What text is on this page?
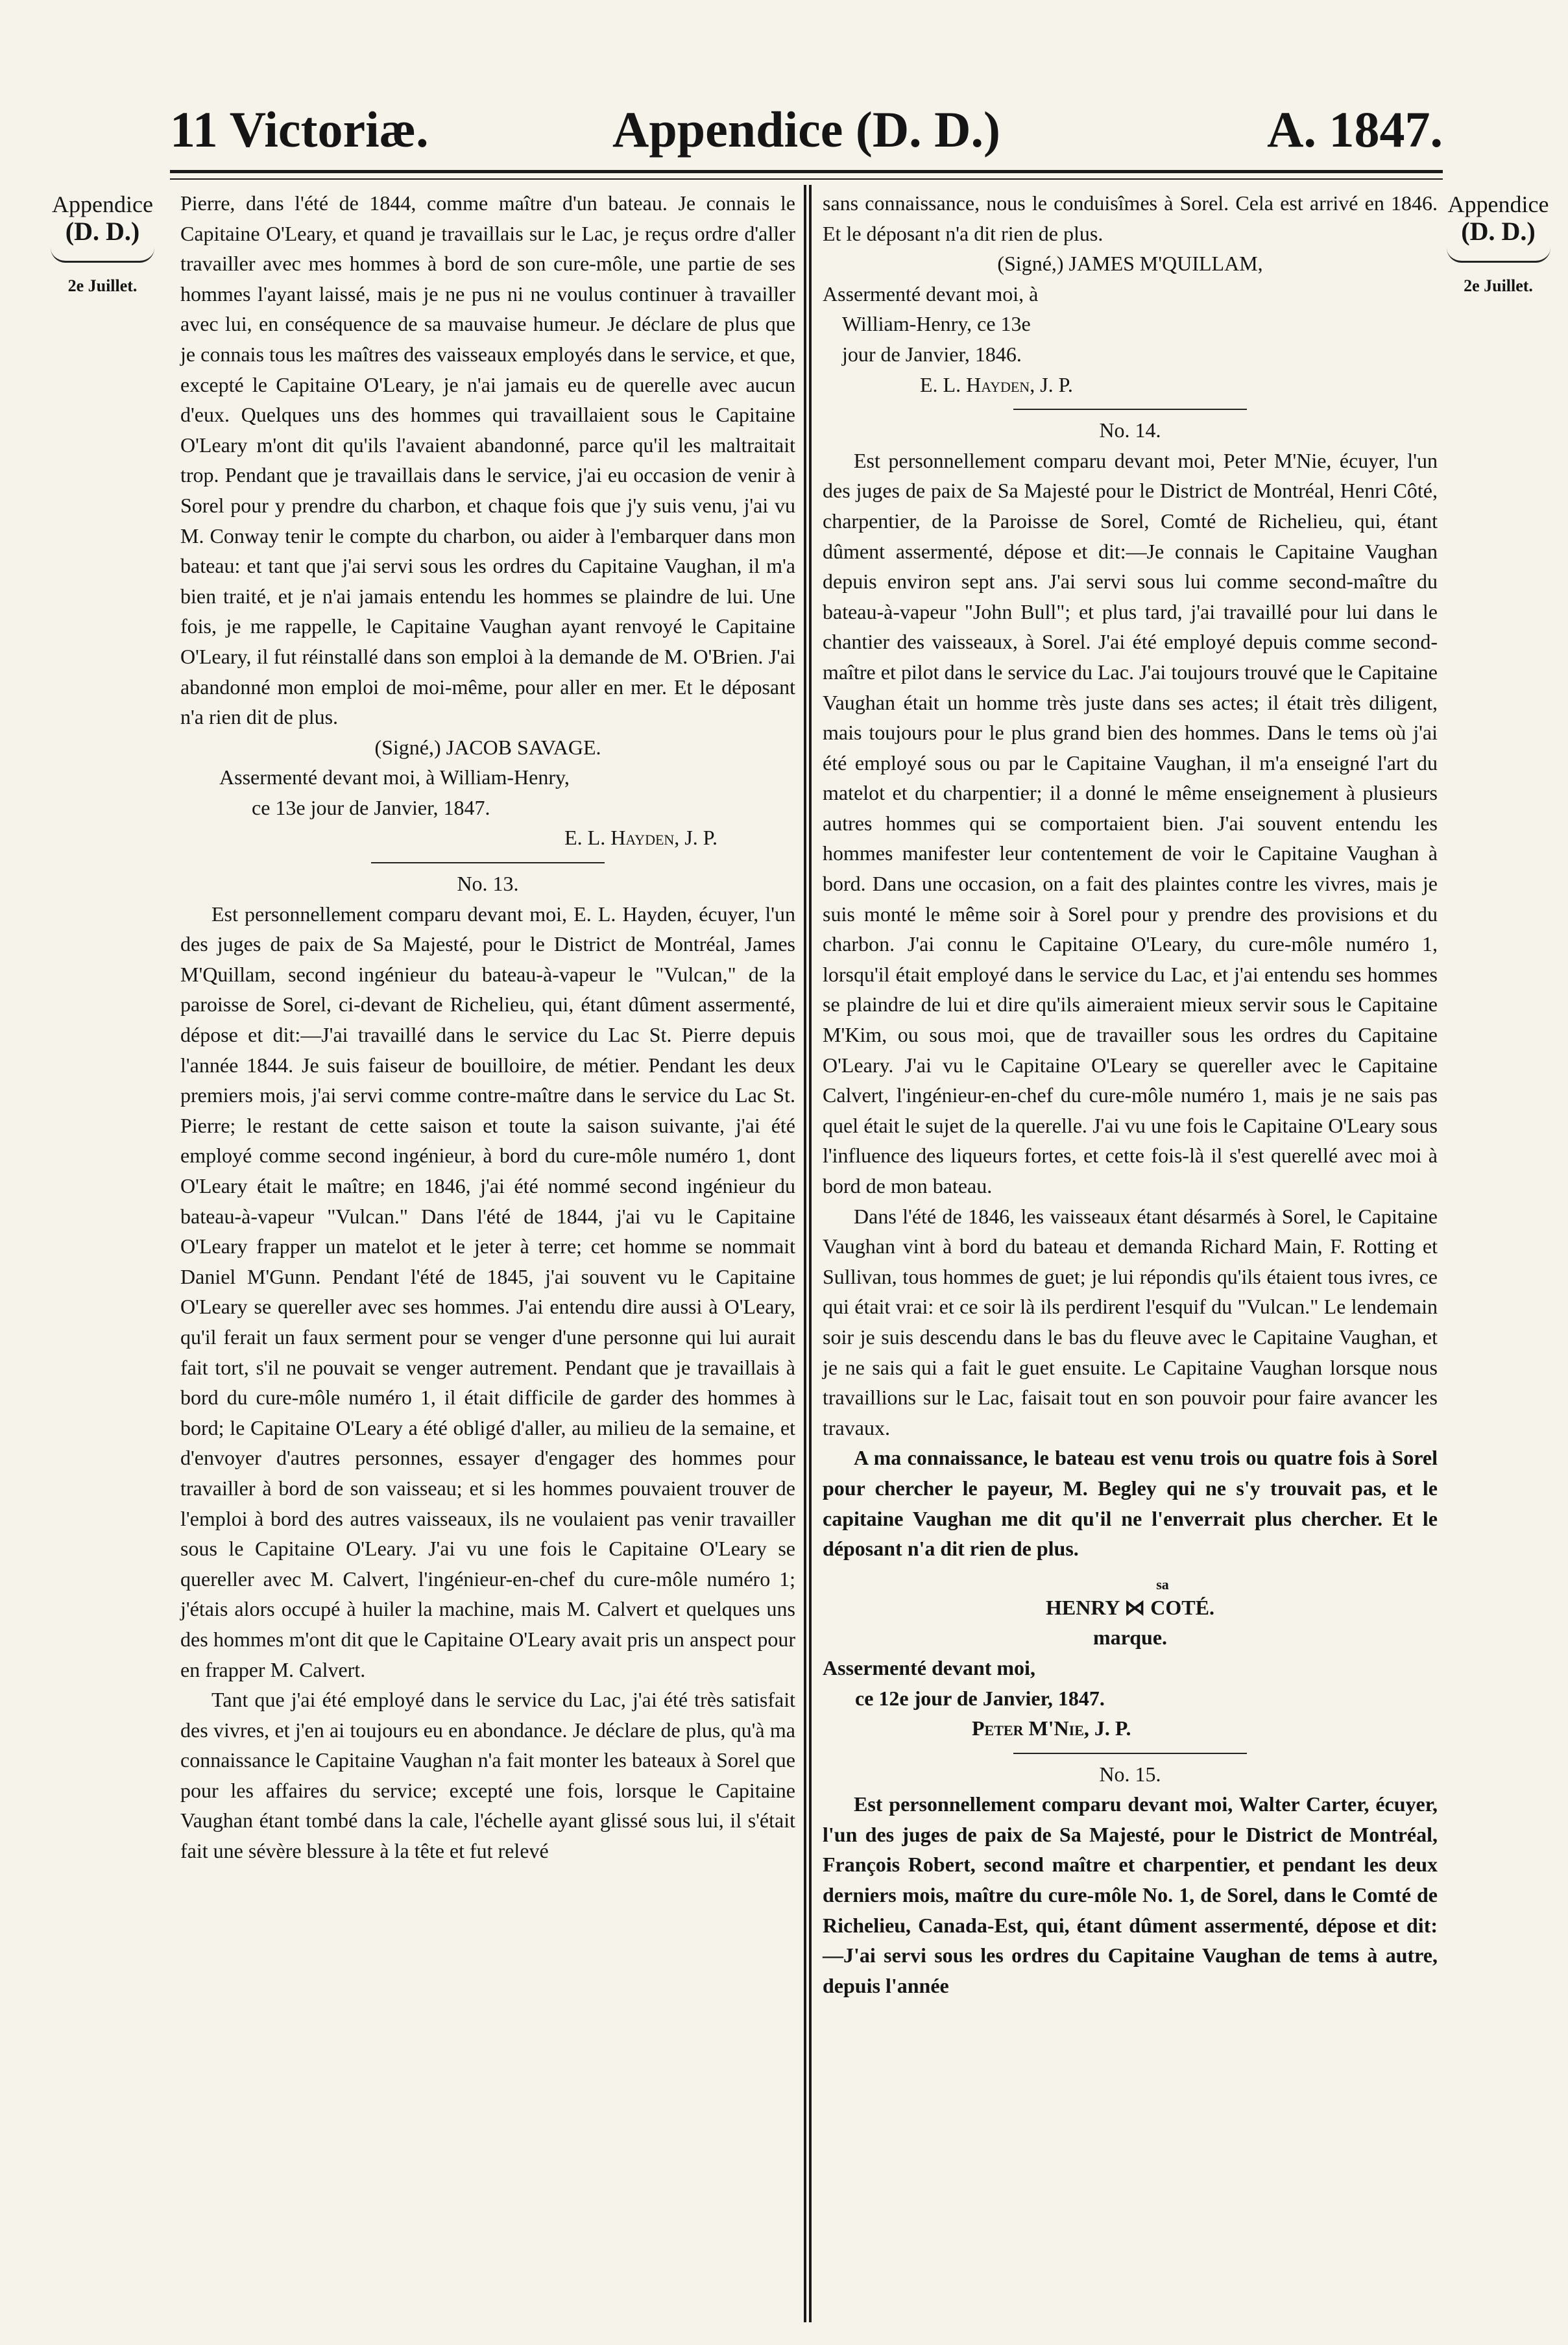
11 Victoriæ.	Appendice (D. D.)	A. 1847.
Appendice
(D. D.)
2e Juillet.
Appendice
(D. D.)
2e Juillet.

Pierre, dans l'été de 1844, comme maître d'un bateau. Je connais le Capitaine O'Leary, et quand je travaillais sur le Lac, je reçus ordre d'aller travailler avec mes hommes à bord de son cure-môle, une partie de ses hommes l'ayant laissé, mais je ne pus ni ne voulus continuer à travailler avec lui, en conséquence de sa mauvaise humeur. Je déclare de plus que je connais tous les maîtres des vaisseaux employés dans le service, et que, excepté le Capitaine O'Leary, je n'ai jamais eu de querelle avec aucun d'eux. Quelques uns des hommes qui travaillaient sous le Capitaine O'Leary m'ont dit qu'ils l'avaient abandonné, parce qu'il les maltraitait trop. Pendant que je travaillais dans le service, j'ai eu occasion de venir à Sorel pour y prendre du charbon, et chaque fois que j'y suis venu, j'ai vu M. Conway tenir le compte du charbon, ou aider à l'embarquer dans mon bateau: et tant que j'ai servi sous les ordres du Capitaine Vaughan, il m'a bien traité, et je n'ai jamais entendu les hommes se plaindre de lui. Une fois, je me rappelle, le Capitaine Vaughan ayant renvoyé le Capitaine O'Leary, il fut réinstallé dans son emploi à la demande de M. O'Brien. J'ai abandonné mon emploi de moi-même, pour aller en mer. Et le déposant n'a rien dit de plus.

(Signé,) JACOB SAVAGE.

Assermenté devant moi, à William-Henry,

ce 13e jour de Janvier, 1847.

E. L. Hayden, J. P.

No. 13.

Est personnellement comparu devant moi, E. L. Hayden, écuyer, l'un des juges de paix de Sa Majesté, pour le District de Montréal, James M'Quillam, second ingénieur du bateau-à-vapeur le "Vulcan," de la paroisse de Sorel, ci-devant de Richelieu, qui, étant dûment assermenté, dépose et dit:—J'ai travaillé dans le service du Lac St. Pierre depuis l'année 1844. Je suis faiseur de bouilloire, de métier. Pendant les deux premiers mois, j'ai servi comme contre-maître dans le service du Lac St. Pierre; le restant de cette saison et toute la saison suivante, j'ai été employé comme second ingénieur, à bord du cure-môle numéro 1, dont O'Leary était le maître; en 1846, j'ai été nommé second ingénieur du bateau-à-vapeur "Vulcan." Dans l'été de 1844, j'ai vu le Capitaine O'Leary frapper un matelot et le jeter à terre; cet homme se nommait Daniel M'Gunn. Pendant l'été de 1845, j'ai souvent vu le Capitaine O'Leary se quereller avec ses hommes. J'ai entendu dire aussi à O'Leary, qu'il ferait un faux serment pour se venger d'une personne qui lui aurait fait tort, s'il ne pouvait se venger autrement. Pendant que je travaillais à bord du cure-môle numéro 1, il était difficile de garder des hommes à bord; le Capitaine O'Leary a été obligé d'aller, au milieu de la semaine, et d'envoyer d'autres personnes, essayer d'engager des hommes pour travailler à bord de son vaisseau; et si les hommes pouvaient trouver de l'emploi à bord des autres vaisseaux, ils ne voulaient pas venir travailler sous le Capitaine O'Leary. J'ai vu une fois le Capitaine O'Leary se quereller avec M. Calvert, l'ingénieur-en-chef du cure-môle numéro 1; j'étais alors occupé à huiler la machine, mais M. Calvert et quelques uns des hommes m'ont dit que le Capitaine O'Leary avait pris un anspect pour en frapper M. Calvert.

Tant que j'ai été employé dans le service du Lac, j'ai été très satisfait des vivres, et j'en ai toujours eu en abondance. Je déclare de plus, qu'à ma connaissance le Capitaine Vaughan n'a fait monter les bateaux à Sorel que pour les affaires du service; excepté une fois, lorsque le Capitaine Vaughan étant tombé dans la cale, l'échelle ayant glissé sous lui, il s'était fait une sévère blessure à la tête et fut relevé

sans connaissance, nous le conduisîmes à Sorel. Cela est arrivé en 1846. Et le déposant n'a dit rien de plus.

(Signé,) JAMES M'QUILLAM,

Assermenté devant moi, à

William-Henry, ce 13e

jour de Janvier, 1846.

E. L. Hayden, J. P.

No. 14.

Est personnellement comparu devant moi, Peter M'Nie, écuyer, l'un des juges de paix de Sa Majesté pour le District de Montréal, Henri Côté, charpentier, de la Paroisse de Sorel, Comté de Richelieu, qui, étant dûment assermenté, dépose et dit:—Je connais le Capitaine Vaughan depuis environ sept ans. J'ai servi sous lui comme second-maître du bateau-à-vapeur "John Bull"; et plus tard, j'ai travaillé pour lui dans le chantier des vaisseaux, à Sorel. J'ai été employé depuis comme second-maître et pilot dans le service du Lac. J'ai toujours trouvé que le Capitaine Vaughan était un homme très juste dans ses actes; il était très diligent, mais toujours pour le plus grand bien des hommes. Dans le tems où j'ai été employé sous ou par le Capitaine Vaughan, il m'a enseigné l'art du matelot et du charpentier; il a donné le même enseignement à plusieurs autres hommes qui se comportaient bien. J'ai souvent entendu les hommes manifester leur contentement de voir le Capitaine Vaughan à bord. Dans une occasion, on a fait des plaintes contre les vivres, mais je suis monté le même soir à Sorel pour y prendre des provisions et du charbon. J'ai connu le Capitaine O'Leary, du cure-môle numéro 1, lorsqu'il était employé dans le service du Lac, et j'ai entendu ses hommes se plaindre de lui et dire qu'ils aimeraient mieux servir sous le Capitaine M'Kim, ou sous moi, que de travailler sous les ordres du Capitaine O'Leary. J'ai vu le Capitaine O'Leary se quereller avec le Capitaine Calvert, l'ingénieur-en-chef du cure-môle numéro 1, mais je ne sais pas quel était le sujet de la querelle. J'ai vu une fois le Capitaine O'Leary sous l'influence des liqueurs fortes, et cette fois-là il s'est querellé avec moi à bord de mon bateau.

Dans l'été de 1846, les vaisseaux étant désarmés à Sorel, le Capitaine Vaughan vint à bord du bateau et demanda Richard Main, F. Rotting et Sullivan, tous hommes de guet; je lui répondis qu'ils étaient tous ivres, ce qui était vrai: et ce soir là ils perdirent l'esquif du "Vulcan." Le lendemain soir je suis descendu dans le bas du fleuve avec le Capitaine Vaughan, et je ne sais qui a fait le guet ensuite. Le Capitaine Vaughan lorsque nous travaillions sur le Lac, faisait tout en son pouvoir pour faire avancer les travaux.

A ma connaissance, le bateau est venu trois ou quatre fois à Sorel pour chercher le payeur, M. Begley qui ne s'y trouvait pas, et le capitaine Vaughan me dit qu'il ne l'enverrait plus chercher. Et le déposant n'a dit rien de plus.

sa
HENRY ⋈ COTÉ.
marque.

Assermenté devant moi,

ce 12e jour de Janvier, 1847.

Peter M'Nie, J. P.

No. 15.

Est personnellement comparu devant moi, Walter Carter, écuyer, l'un des juges de paix de Sa Majesté, pour le District de Montréal, François Robert, second maître et charpentier, et pendant les deux derniers mois, maître du cure-môle No. 1, de Sorel, dans le Comté de Richelieu, Canada-Est, qui, étant dûment assermenté, dépose et dit:—J'ai servi sous les ordres du Capitaine Vaughan de tems à autre, depuis l'année
